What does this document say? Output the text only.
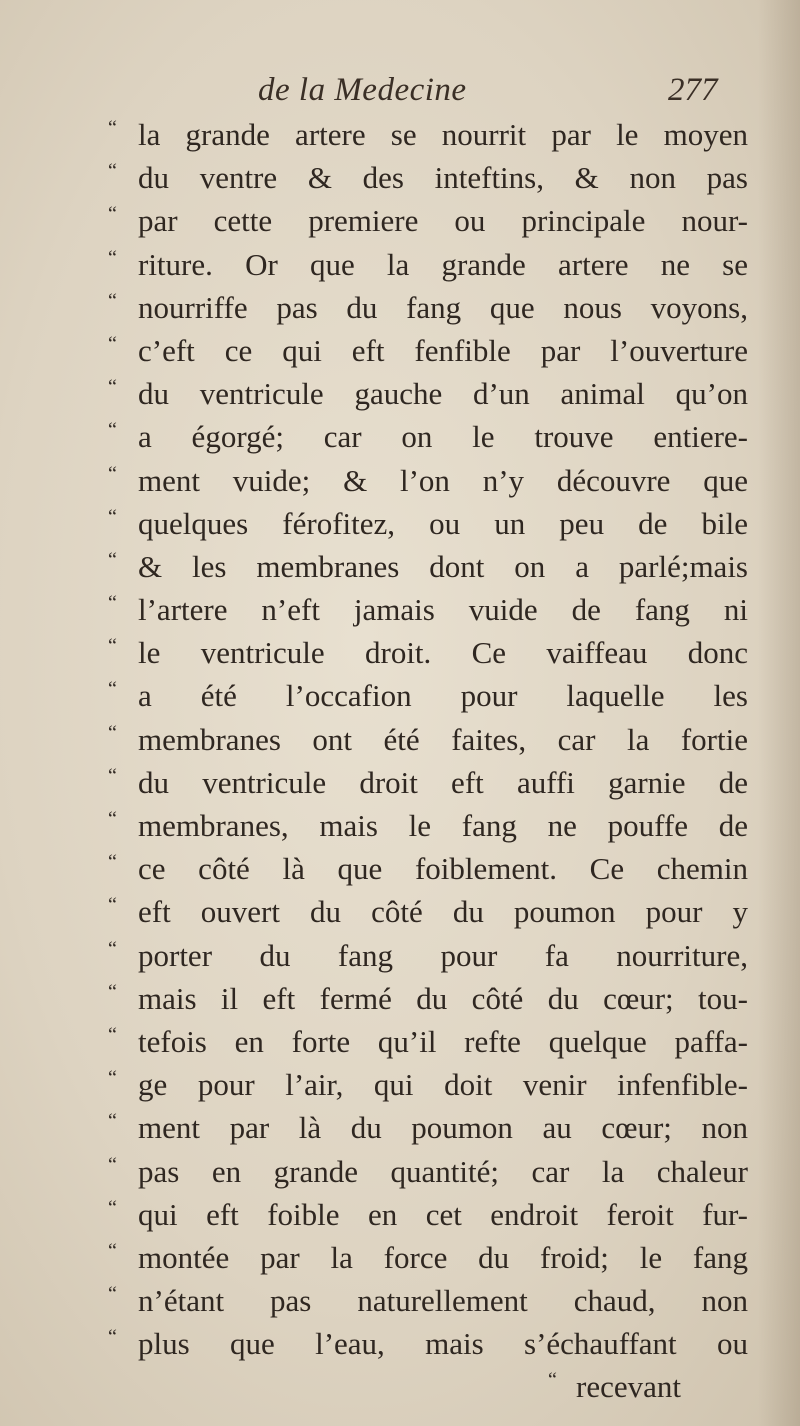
de la Medecine	277
“ la grande artere se nourrit par le moyen
“ du ventre & des inteftins, & non pas
“ par cette premiere ou principale nour-
“ riture. Or que la grande artere ne se
“ nourriffe pas du fang que nous voyons,
“ c’eft ce qui eft fenfible par l’ouverture
“ du ventricule gauche d’un animal qu’on
“ a égorgé; car on le trouve entiere-
“ ment vuide; & l’on n’y découvre que
“ quelques férofitez, ou un peu de bile
“ & les membranes dont on a parlé;mais
“ l’artere n’eft jamais vuide de fang ni
“ le ventricule droit. Ce vaiffeau donc
“ a été l’occafion pour laquelle les
“ membranes ont été faites, car la fortie
“ du ventricule droit eft auffi garnie de
“ membranes, mais le fang ne pouffe de
“ ce côté là que foiblement. Ce chemin
“ eft ouvert du côté du poumon pour y
“ porter du fang pour fa nourriture,
“ mais il eft fermé du côté du cœur; tou-
“ tefois en forte qu’il refte quelque paffa-
“ ge pour l’air, qui doit venir infenfible-
“ ment par là du poumon au cœur; non
“ pas en grande quantité; car la chaleur
“ qui eft foible en cet endroit feroit fur-
“ montée par la force du froid; le fang
“ n’étant pas naturellement chaud, non
“ plus que l’eau, mais s’échauffant ou
“ recevant
